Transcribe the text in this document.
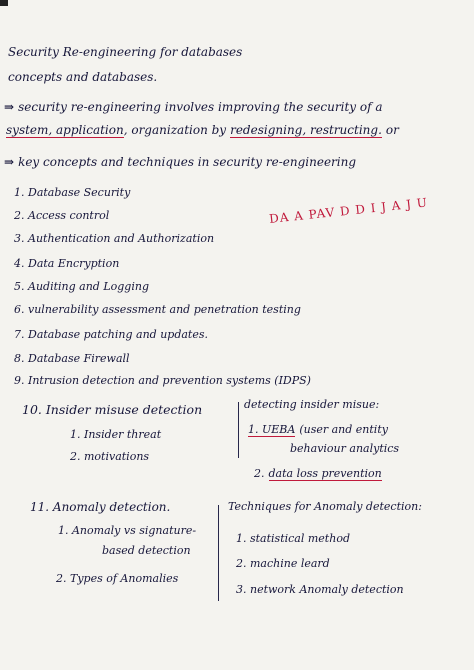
Security Re-engineering for databases
concepts and databases.
⇒ security re-engineering involves improving the security of a
system, application, organization by redesigning, restructing. or
⇒ key concepts and techniques in security re-engineering
1. Database Security
2. Access control
3. Authentication and Authorization
4. Data Encryption
5. Auditing and Logging
6. vulnerability assessment and penetration testing
7. Database patching and updates.
8. Database Firewall
9. Intrusion detection and prevention systems (IDPS)
DA A PAV D D I J A J U
10. Insider misuse detection
1. Insider threat
2. motivations
detecting insider misue:
1. UEBA (user and entity
behaviour analytics
2. data loss prevention
11. Anomaly detection.
1. Anomaly vs signature-
based detection
2. Types of Anomalies
Techniques for Anomaly detection:
1. statistical method
2. machine leard
3. network Anomaly detection
